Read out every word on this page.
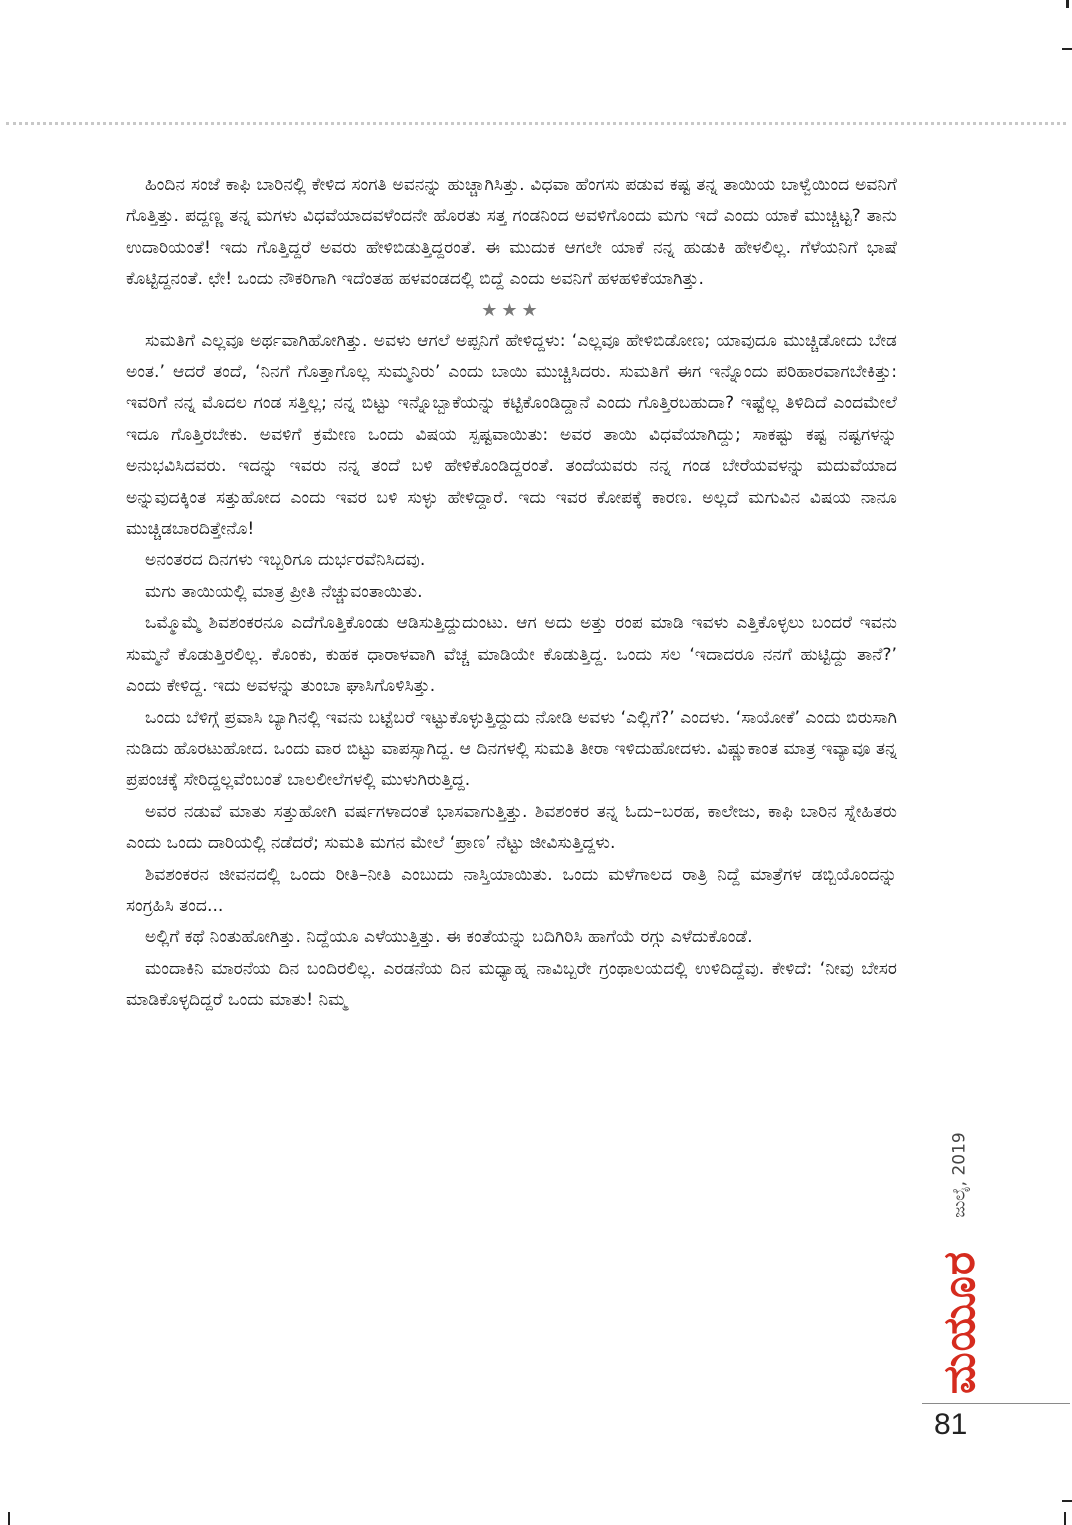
ಹಿಂದಿನ ಸಂಜೆ ಕಾಫಿ ಬಾರಿನಲ್ಲಿ ಕೇಳಿದ ಸಂಗತಿ ಅವನನ್ನು ಹುಚ್ಚಾಗಿಸಿತ್ತು. ವಿಧವಾ ಹೆಂಗಸು ಪಡುವ ಕಷ್ಟ ತನ್ನ ತಾಯಿಯ ಬಾಳ್ವೆಯಿಂದ ಅವನಿಗೆ ಗೊತ್ತಿತ್ತು. ಪದ್ದಣ್ಣ ತನ್ನ ಮಗಳು ವಿಧವೆಯಾದವಳೆಂದನೇ ಹೊರತು ಸತ್ತ ಗಂಡನಿಂದ ಅವಳಿಗೊಂದು ಮಗು ಇದೆ ಎಂದು ಯಾಕೆ ಮುಚ್ಚಿಟ್ಟ? ತಾನು ಉದಾರಿಯಂತೆ! ಇದು ಗೊತ್ತಿದ್ದರೆ ಅವರು ಹೇಳಿಬಿಡುತ್ತಿದ್ದರಂತೆ. ಈ ಮುದುಕ ಆಗಲೇ ಯಾಕೆ ನನ್ನ ಹುಡುಕಿ ಹೇಳಲಿಲ್ಲ. ಗೆಳೆಯನಿಗೆ ಭಾಷೆ ಕೊಟ್ಟಿದ್ದನಂತೆ. ಛೇ! ಒಂದು ನೌಕರಿಗಾಗಿ ಇದೆಂತಹ ಹಳವಂಡದಲ್ಲಿ ಬಿದ್ದೆ ಎಂದು ಅವನಿಗೆ ಹಳಹಳಿಕೆಯಾಗಿತ್ತು.

★★★

ಸುಮತಿಗೆ ಎಲ್ಲವೂ ಅರ್ಥವಾಗಿಹೋಗಿತ್ತು. ಅವಳು ಆಗಲೆ ಅಪ್ಪನಿಗೆ ಹೇಳಿದ್ದಳು: ‘ಎಲ್ಲವೂ ಹೇಳಿಬಿಡೋಣ; ಯಾವುದೂ ಮುಚ್ಚಿಡೋದು ಬೇಡ ಅಂತ.’ ಆದರೆ ತಂದೆ, ‘ನಿನಗೆ ಗೊತ್ತಾಗೊಲ್ಲ ಸುಮ್ಮನಿರು’ ಎಂದು ಬಾಯಿ ಮುಚ್ಚಿಸಿದರು. ಸುಮತಿಗೆ ಈಗ ಇನ್ನೊಂದು ಪರಿಹಾರವಾಗಬೇಕಿತ್ತು: ಇವರಿಗೆ ನನ್ನ ಮೊದಲ ಗಂಡ ಸತ್ತಿಲ್ಲ; ನನ್ನ ಬಿಟ್ಟು ಇನ್ನೊಬ್ಬಾಕೆಯನ್ನು ಕಟ್ಟಿಕೊಂಡಿದ್ದಾನೆ ಎಂದು ಗೊತ್ತಿರಬಹುದಾ? ಇಷ್ಟೆಲ್ಲ ತಿಳಿದಿದೆ ಎಂದಮೇಲೆ ಇದೂ ಗೊತ್ತಿರಬೇಕು. ಅವಳಿಗೆ ಕ್ರಮೇಣ ಒಂದು ವಿಷಯ ಸ್ಪಷ್ಟವಾಯಿತು: ಅವರ ತಾಯಿ ವಿಧವೆಯಾಗಿದ್ದು; ಸಾಕಷ್ಟು ಕಷ್ಟ ನಷ್ಟಗಳನ್ನು ಅನುಭವಿಸಿದವರು. ಇದನ್ನು ಇವರು ನನ್ನ ತಂದೆ ಬಳಿ ಹೇಳಿಕೊಂಡಿದ್ದರಂತೆ. ತಂದೆಯವರು ನನ್ನ ಗಂಡ ಬೇರೆಯವಳನ್ನು ಮದುವೆಯಾದ ಅನ್ನುವುದಕ್ಕಿಂತ ಸತ್ತುಹೋದ ಎಂದು ಇವರ ಬಳಿ ಸುಳ್ಳು ಹೇಳಿದ್ದಾರೆ. ಇದು ಇವರ ಕೋಪಕ್ಕೆ ಕಾರಣ. ಅಲ್ಲದೆ ಮಗುವಿನ ವಿಷಯ ನಾನೂ ಮುಚ್ಚಿಡಬಾರದಿತ್ತೇನೊ!

ಅನಂತರದ ದಿನಗಳು ಇಬ್ಬರಿಗೂ ದುರ್ಭರವೆನಿಸಿದವು.

ಮಗು ತಾಯಿಯಲ್ಲಿ ಮಾತ್ರ ಪ್ರೀತಿ ನೆಚ್ಚುವಂತಾಯಿತು.

ಒಮ್ಮೊಮ್ಮೆ ಶಿವಶಂಕರನೂ ಎದೆಗೊತ್ತಿಕೊಂಡು ಆಡಿಸುತ್ತಿದ್ದುದುಂಟು. ಆಗ ಅದು ಅತ್ತು ರಂಪ ಮಾಡಿ ಇವಳು ಎತ್ತಿಕೊಳ್ಳಲು ಬಂದರೆ ಇವನು ಸುಮ್ಮನೆ ಕೊಡುತ್ತಿರಲಿಲ್ಲ. ಕೊಂಕು, ಕುಹಕ ಧಾರಾಳವಾಗಿ ವೆಚ್ಚ ಮಾಡಿಯೇ ಕೊಡುತ್ತಿದ್ದ. ಒಂದು ಸಲ ‘ಇದಾದರೂ ನನಗೆ ಹುಟ್ಟಿದ್ದು ತಾನೆ?’ ಎಂದು ಕೇಳಿದ್ದ. ಇದು ಅವಳನ್ನು ತುಂಬಾ ಘಾಸಿಗೊಳಿಸಿತ್ತು.

ಒಂದು ಬೆಳಿಗ್ಗೆ ಪ್ರವಾಸಿ ಬ್ಯಾಗಿನಲ್ಲಿ ಇವನು ಬಟ್ಟೆಬರೆ ಇಟ್ಟುಕೊಳ್ಳುತ್ತಿದ್ದುದು ನೋಡಿ ಅವಳು ‘ಎಲ್ಲಿಗೆ?’ ಎಂದಳು. ‘ಸಾಯೋಕೆ’ ಎಂದು ಬಿರುಸಾಗಿ ನುಡಿದು ಹೊರಟುಹೋದ. ಒಂದು ವಾರ ಬಿಟ್ಟು ವಾಪಸ್ಸಾಗಿದ್ದ. ಆ ದಿನಗಳಲ್ಲಿ ಸುಮತಿ ತೀರಾ ಇಳಿದುಹೋದಳು. ವಿಷ್ಣುಕಾಂತ ಮಾತ್ರ ಇವ್ಯಾವೂ ತನ್ನ ಪ್ರಪಂಚಕ್ಕೆ ಸೇರಿದ್ದಲ್ಲವೆಂಬಂತೆ ಬಾಲಲೀಲೆಗಳಲ್ಲಿ ಮುಳುಗಿರುತ್ತಿದ್ದ.

ಅವರ ನಡುವೆ ಮಾತು ಸತ್ತುಹೋಗಿ ವರ್ಷಗಳಾದಂತೆ ಭಾಸವಾಗುತ್ತಿತ್ತು. ಶಿವಶಂಕರ ತನ್ನ ಓದು–ಬರಹ, ಕಾಲೇಜು, ಕಾಫಿ ಬಾರಿನ ಸ್ನೇಹಿತರು ಎಂದು ಒಂದು ದಾರಿಯಲ್ಲಿ ನಡೆದರೆ; ಸುಮತಿ ಮಗನ ಮೇಲೆ ‘ಪ್ರಾಣ’ ನೆಟ್ಟು ಜೀವಿಸುತ್ತಿದ್ದಳು.

ಶಿವಶಂಕರನ ಜೀವನದಲ್ಲಿ ಒಂದು ರೀತಿ–ನೀತಿ ಎಂಬುದು ನಾಸ್ತಿಯಾಯಿತು. ಒಂದು ಮಳೆಗಾಲದ ರಾತ್ರಿ ನಿದ್ದೆ ಮಾತ್ರೆಗಳ ಡಬ್ಬಿಯೊಂದನ್ನು ಸಂಗ್ರಹಿಸಿ ತಂದ...

ಅಲ್ಲಿಗೆ ಕಥೆ ನಿಂತುಹೋಗಿತ್ತು. ನಿದ್ದೆಯೂ ಎಳೆಯುತ್ತಿತ್ತು. ಈ ಕಂತೆಯನ್ನು ಬದಿಗಿರಿಸಿ ಹಾಗೆಯೆ ರಗ್ಗು ಎಳೆದುಕೊಂಡೆ.

ಮಂದಾಕಿನಿ ಮಾರನೆಯ ದಿನ ಬಂದಿರಲಿಲ್ಲ. ಎರಡನೆಯ ದಿನ ಮಧ್ಯಾಹ್ನ ನಾವಿಬ್ಬರೇ ಗ್ರಂಥಾಲಯದಲ್ಲಿ ಉಳಿದಿದ್ದೆವು. ಕೇಳಿದೆ: ‘ನೀವು ಬೇಸರ ಮಾಡಿಕೊಳ್ಳದಿದ್ದರೆ ಒಂದು ಮಾತು! ನಿಮ್ಮ

ಜುಲೈ, 2019
ಮಯೂರ
81
